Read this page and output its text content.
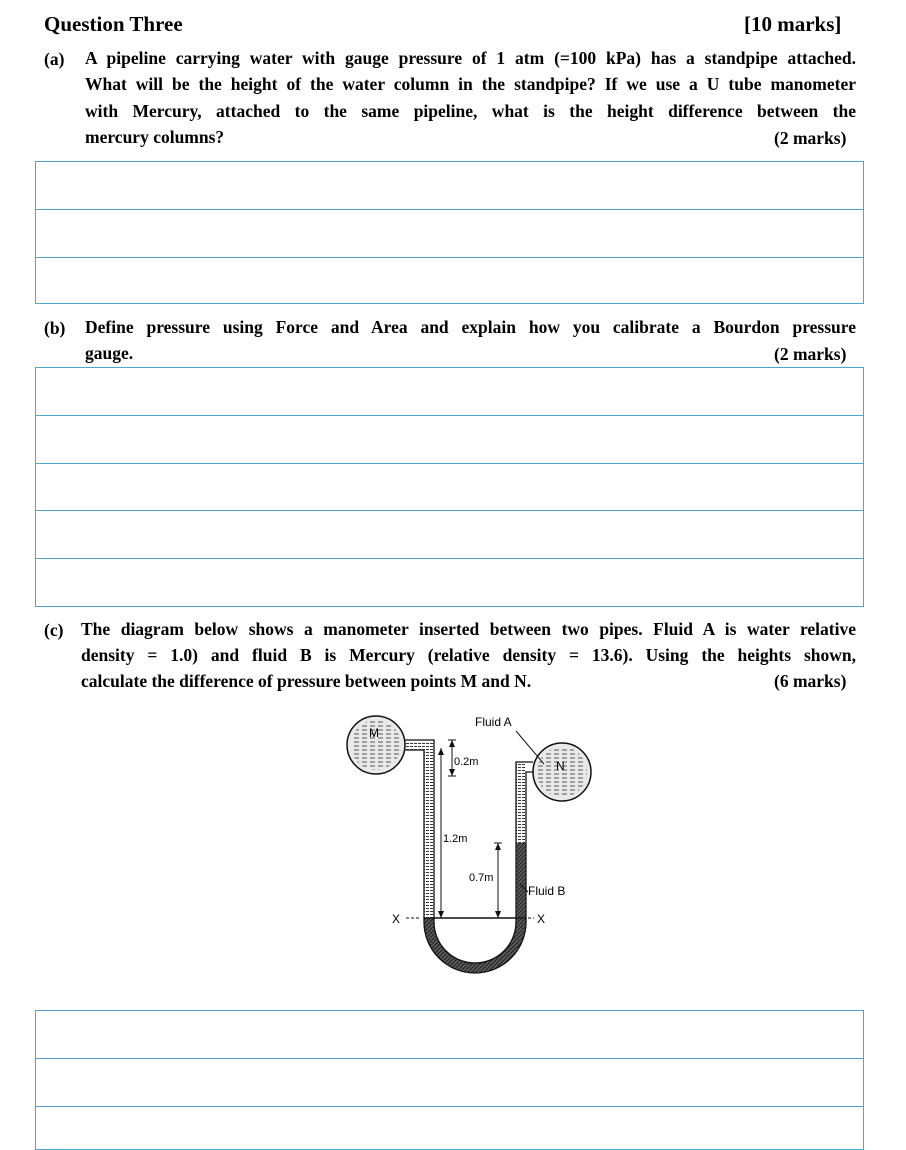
Question Three	[10 marks]
(a) A pipeline carrying water with gauge pressure of 1 atm (=100 kPa) has a standpipe attached.
What will be the height of the water column in the standpipe? If we use a U tube manometer
with Mercury, attached to the same pipeline, what is the height difference between the
mercury columns?	(2 marks)
(b) Define pressure using Force and Area and explain how you calibrate a Bourdon pressure
gauge.	(2 marks)
(c) The diagram below shows a manometer inserted between two pipes. Fluid A is water relative
density = 1.0) and fluid B is Mercury (relative density = 13.6). Using the heights shown,
calculate the difference of pressure between points M and N.	(6 marks)
M
N
X	X
0.2m
1.2m
0.7m
Fluid A
Fluid B
